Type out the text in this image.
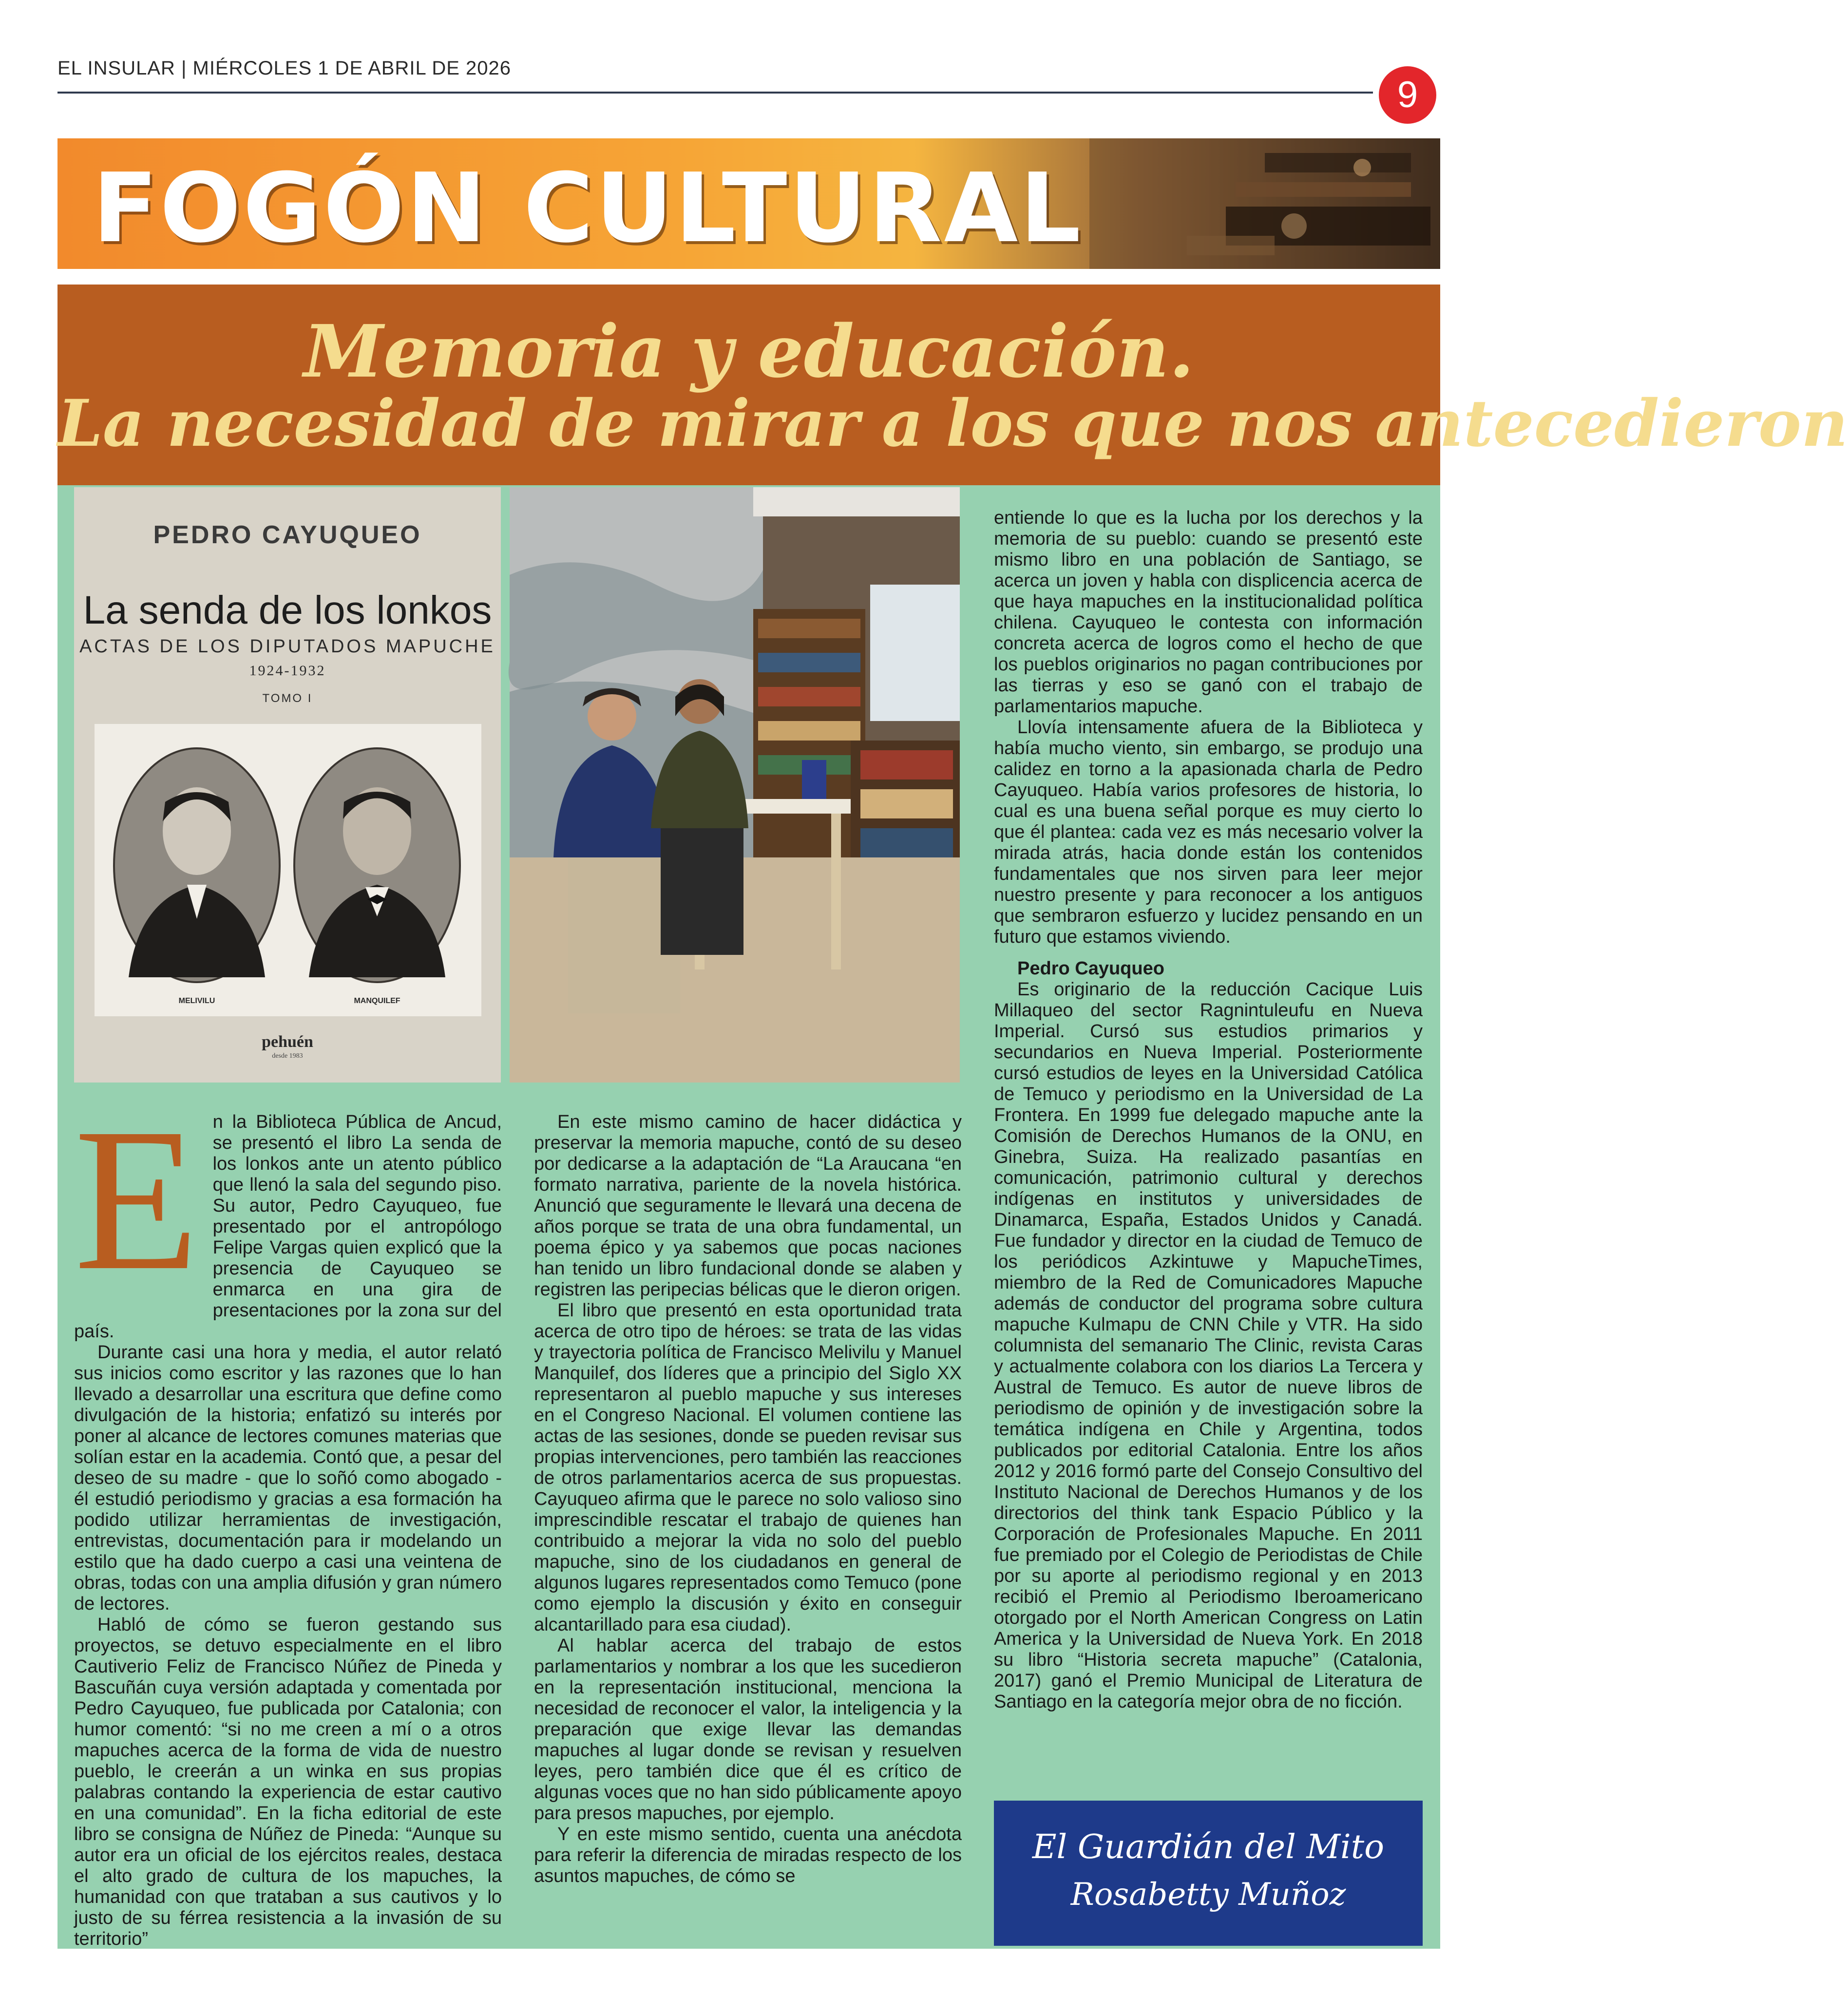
EL INSULAR | MIÉRCOLES 1 DE ABRIL DE 2026
9
FOGÓN CULTURAL
Memoria y educación.
La necesidad de mirar a los que nos antecedieron
PEDRO CAYUQUEO
La senda de los lonkos
ACTAS DE LOS DIPUTADOS MAPUCHE
1924-1932
TOMO I
MELIVILU	MANQUILEF
pehuén
desde 1983
E n la Biblioteca Pública de Ancud, se presentó el libro La senda de los lonkos ante un atento público que llenó la sala del segundo piso. Su autor, Pedro Cayuqueo, fue presentado por el antropólogo Felipe Vargas quien explicó que la presencia de Cayuqueo se enmarca en una gira de presentaciones por la zona sur del país.

Durante casi una hora y media, el autor relató sus inicios como escritor y las razones que lo han llevado a desarrollar una escritura que define como divulgación de la historia; enfatizó su interés por poner al alcance de lectores comunes materias que solían estar en la academia. Contó que, a pesar del deseo de su madre - que lo soñó como abogado - él estudió periodismo y gracias a esa formación ha podido utilizar herramientas de investigación, entrevistas, documentación para ir modelando un estilo que ha dado cuerpo a casi una veintena de obras, todas con una amplia difusión y gran número de lectores.

Habló de cómo se fueron gestando sus proyectos, se detuvo especialmente en el libro Cautiverio Feliz de Francisco Núñez de Pineda y Bascuñán cuya versión adaptada y comentada por Pedro Cayuqueo, fue publicada por Catalonia; con humor comentó: “si no me creen a mí o a otros mapuches acerca de la forma de vida de nuestro pueblo, le creerán a un winka en sus propias palabras contando la experiencia de estar cautivo en una comunidad”. En la ficha editorial de este libro se consigna de Núñez de Pineda: “Aunque su autor era un oficial de los ejércitos reales, destaca el alto grado de cultura de los mapuches, la humanidad con que trataban a sus cautivos y lo justo de su férrea resistencia a la invasión de su territorio”

En este mismo camino de hacer didáctica y preservar la memoria mapuche, contó de su deseo por dedicarse a la adaptación de “La Araucana “en formato narrativa, pariente de la novela histórica. Anunció que seguramente le llevará una decena de años porque se trata de una obra fundamental, un poema épico y ya sabemos que pocas naciones han tenido un libro fundacional donde se alaben y registren las peripecias bélicas que le dieron origen.

El libro que presentó en esta oportunidad trata acerca de otro tipo de héroes: se trata de las vidas y trayectoria política de Francisco Melivilu y Manuel Manquilef, dos líderes que a principio del Siglo XX representaron al pueblo mapuche y sus intereses en el Congreso Nacional. El volumen contiene las actas de las sesiones, donde se pueden revisar sus propias intervenciones, pero también las reacciones de otros parlamentarios acerca de sus propuestas. Cayuqueo afirma que le parece no solo valioso sino imprescindible rescatar el trabajo de quienes han contribuido a mejorar la vida no solo del pueblo mapuche, sino de los ciudadanos en general de algunos lugares representados como Temuco (pone como ejemplo la discusión y éxito en conseguir alcantarillado para esa ciudad).

Al hablar acerca del trabajo de estos parlamentarios y nombrar a los que les sucedieron en la representación institucional, menciona la necesidad de reconocer el valor, la inteligencia y la preparación que exige llevar las demandas mapuches al lugar donde se revisan y resuelven leyes, pero también dice que él es crítico de algunas voces que no han sido públicamente apoyo para presos mapuches, por ejemplo.

Y en este mismo sentido, cuenta una anécdota para referir la diferencia de miradas respecto de los asuntos mapuches, de cómo se

entiende lo que es la lucha por los derechos y la memoria de su pueblo: cuando se presentó este mismo libro en una población de Santiago, se acerca un joven y habla con displicencia acerca de que haya mapuches en la institucionalidad política chilena. Cayuqueo le contesta con información concreta acerca de logros como el hecho de que los pueblos originarios no pagan contribuciones por las tierras y eso se ganó con el trabajo de parlamentarios mapuche.

Llovía intensamente afuera de la Biblioteca y había mucho viento, sin embargo, se produjo una calidez en torno a la apasionada charla de Pedro Cayuqueo. Había varios profesores de historia, lo cual es una buena señal porque es muy cierto lo que él plantea: cada vez es más necesario volver la mirada atrás, hacia donde están los contenidos fundamentales que nos sirven para leer mejor nuestro presente y para reconocer a los antiguos que sembraron esfuerzo y lucidez pensando en un futuro que estamos viviendo.

Pedro Cayuqueo

Es originario de la reducción Cacique Luis Millaqueo del sector Ragnintuleufu en Nueva Imperial. Cursó sus estudios primarios y secundarios en Nueva Imperial. Posteriormente cursó estudios de leyes en la Universidad Católica de Temuco y periodismo en la Universidad de La Frontera. En 1999 fue delegado mapuche ante la Comisión de Derechos Humanos de la ONU, en Ginebra, Suiza. Ha realizado pasantías en comunicación, patrimonio cultural y derechos indígenas en institutos y universidades de Dinamarca, España, Estados Unidos y Canadá. Fue fundador y director en la ciudad de Temuco de los periódicos Azkintuwe y MapucheTimes, miembro de la Red de Comunicadores Mapuche además de conductor del programa sobre cultura mapuche Kulmapu de CNN Chile y VTR. Ha sido columnista del semanario The Clinic, revista Caras y actualmente colabora con los diarios La Tercera y Austral de Temuco. Es autor de nueve libros de periodismo de opinión y de investigación sobre la temática indígena en Chile y Argentina, todos publicados por editorial Catalonia. Entre los años 2012 y 2016 formó parte del Consejo Consultivo del Instituto Nacional de Derechos Humanos y de los directorios del think tank Espacio Público y la Corporación de Profesionales Mapuche. En 2011 fue premiado por el Colegio de Periodistas de Chile por su aporte al periodismo regional y en 2013 recibió el Premio al Periodismo Iberoamericano otorgado por el North American Congress on Latin America y la Universidad de Nueva York. En 2018 su libro “Historia secreta mapuche” (Catalonia, 2017) ganó el Premio Municipal de Literatura de Santiago en la categoría mejor obra de no ficción.

El Guardián del Mito
Rosabetty Muñoz
